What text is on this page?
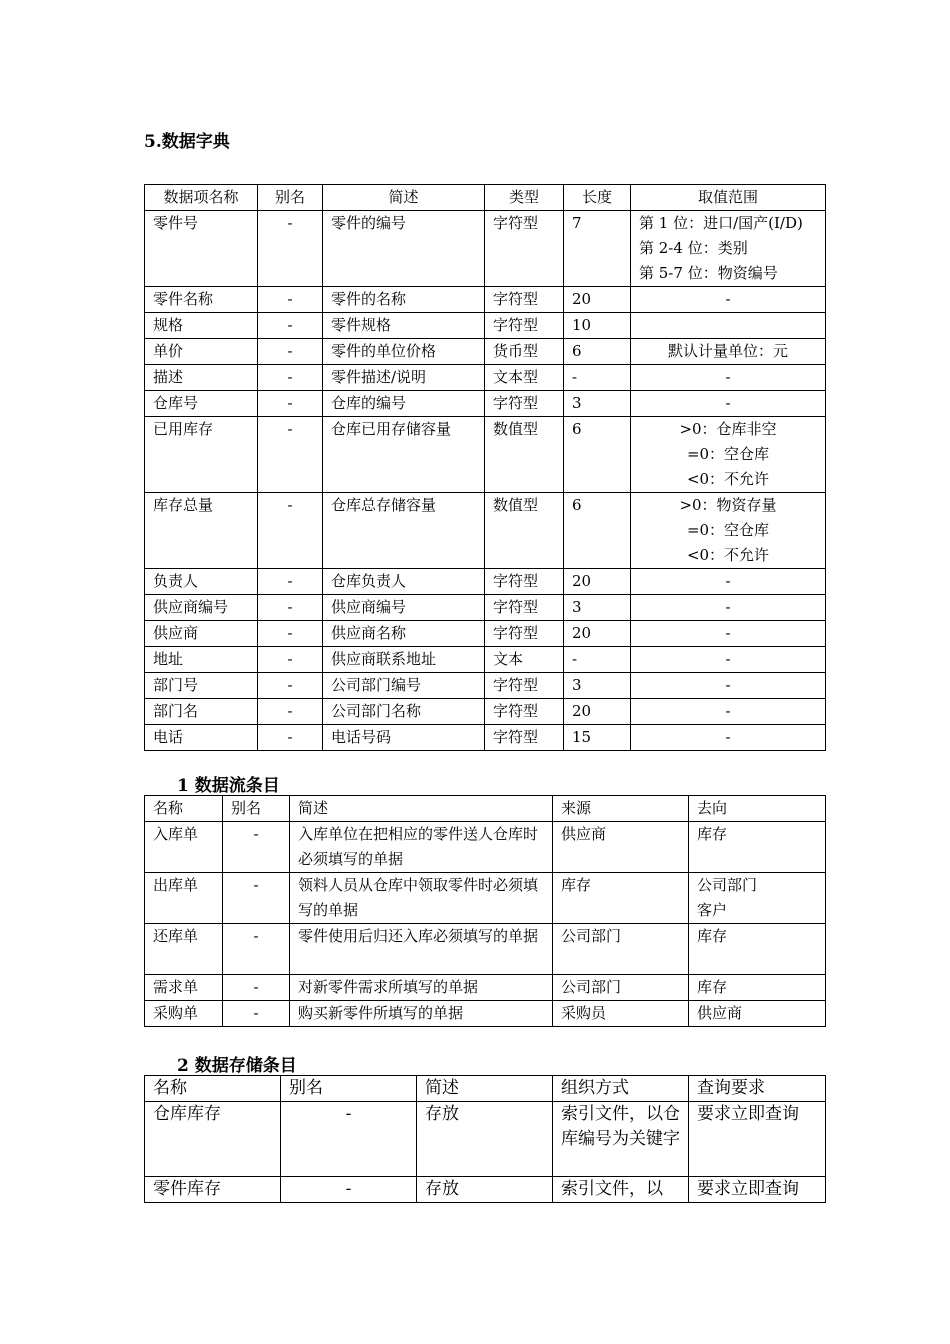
5.数据字典
数据项名称	别名	简述	类型	长度	取值范围
零件号	-	零件的编号	字符型	7	第 1 位：进口/国产(I/D)
第 2-4 位：类别
第 5-7 位：物资编号
零件名称	-	零件的名称	字符型	20	-
规格	-	零件规格	字符型	10	
单价	-	零件的单位价格	货币型	6	默认计量单位：元
描述	-	零件描述/说明	文本型	-	-
仓库号	-	仓库的编号	字符型	3	-
已用库存	-	仓库已用存储容量	数值型	6	>0：仓库非空
=0：空仓库
<0：不允许
库存总量	-	仓库总存储容量	数值型	6	>0：物资存量
=0：空仓库
<0：不允许
负责人	-	仓库负责人	字符型	20	-
供应商编号	-	供应商编号	字符型	3	-
供应商	-	供应商名称	字符型	20	-
地址	-	供应商联系地址	文本	-	-
部门号	-	公司部门编号	字符型	3	-
部门名	-	公司部门名称	字符型	20	-
电话	-	电话号码	字符型	15	-
1 数据流条目
名称	别名	简述	来源	去向
入库单	-	入库单位在把相应的零件送人仓库时必须填写的单据	供应商	库存
出库单	-	领料人员从仓库中领取零件时必须填写的单据	库存	公司部门
客户
还库单	-	零件使用后归还入库必须填写的单据	公司部门	库存
需求单	-	对新零件需求所填写的单据	公司部门	库存
采购单	-	购买新零件所填写的单据	采购员	供应商
2 数据存储条目
名称	别名	简述	组织方式	查询要求
仓库库存	-	存放	索引文件，以仓库编号为关键字	要求立即查询
零件库存	-	存放	索引文件，以	要求立即查询
